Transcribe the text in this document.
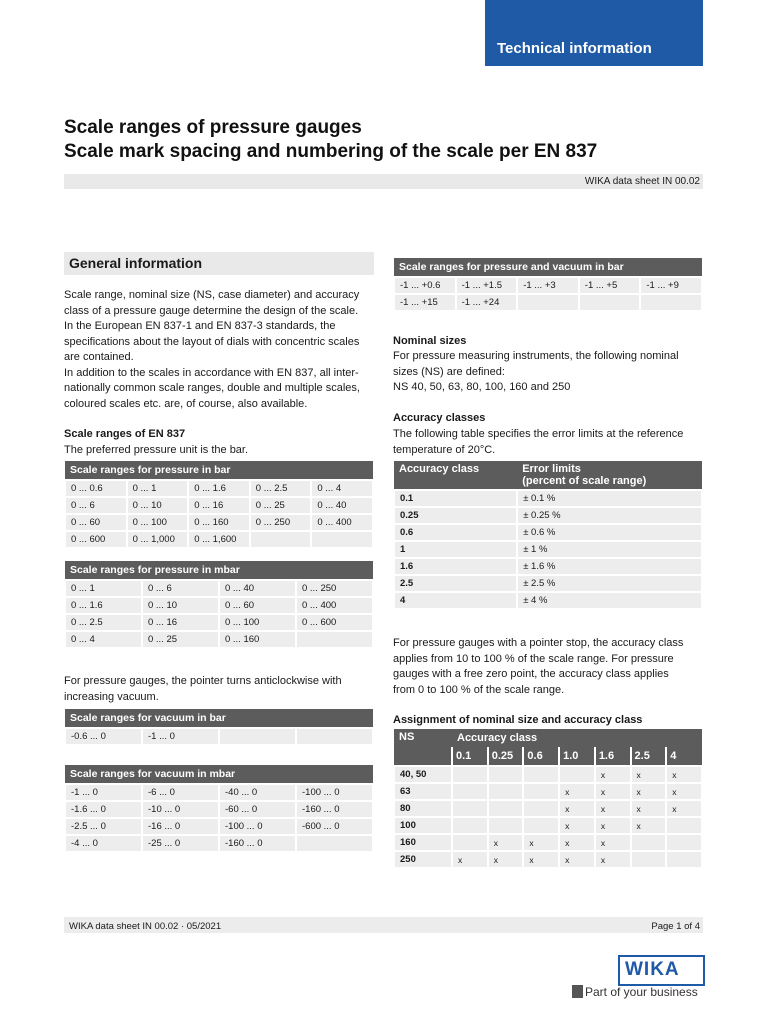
Technical information
Scale ranges of pressure gauges
Scale mark spacing and numbering of the scale per EN 837
WIKA data sheet IN 00.02
General information
Scale range, nominal size (NS, case diameter) and accuracy
class of a pressure gauge determine the design of the scale.
In the European EN 837-1 and EN 837-3 standards, the
specifications about the layout of dials with concentric scales
are contained.
In addition to the scales in accordance with EN 837, all inter-
nationally common scale ranges, double and multiple scales,
coloured scales etc. are, of course, also available.
Scale ranges of EN 837
The preferred pressure unit is the bar.
Scale ranges for pressure in bar				
0 ... 0.6	0 ... 1	0 ... 1.6	0 ... 2.5	0 ... 4
0 ... 6	0 ... 10	0 ... 16	0 ... 25	0 ... 40
0 ... 60	0 ... 100	0 ... 160	0 ... 250	0 ... 400
0 ... 600	0 ... 1,000	0 ... 1,600		
Scale ranges for pressure in mbar			
0 ... 1	0 ... 6	0 ... 40	0 ... 250
0 ... 1.6	0 ... 10	0 ... 60	0 ... 400
0 ... 2.5	0 ... 16	0 ... 100	0 ... 600
0 ... 4	0 ... 25	0 ... 160	
For pressure gauges, the pointer turns anticlockwise with
increasing vacuum.
Scale ranges for vacuum in bar
-0.6 ... 0	-1 ... 0		
Scale ranges for vacuum in mbar			
-1 ... 0	-6 ... 0	-40 ... 0	-100 ... 0
-1.6 ... 0	-10 ... 0	-60 ... 0	-160 ... 0
-2.5 ... 0	-16 ... 0	-100 ... 0	-600 ... 0
-4 ... 0	-25 ... 0	-160 ... 0	
Scale ranges for pressure and vacuum in bar				
-1 ... +0.6	-1 ... +1.5	-1 ... +3	-1 ... +5	-1 ... +9
-1 ... +15	-1 ... +24			
Nominal sizes
For pressure measuring instruments, the following nominal
sizes (NS) are defined:
NS 40, 50, 63, 80, 100, 160 and 250
Accuracy classes
The following table specifies the error limits at the reference
temperature of 20°C.
Accuracy class	Error limits
(percent of scale range)

0.1	± 0.1 %
0.25	± 0.25 %
0.6	± 0.6 %
1	± 1 %
1.6	± 1.6 %
2.5	± 2.5 %
4	± 4 %
For pressure gauges with a pointer stop, the accuracy class
applies from 10 to 100 % of the scale range. For pressure
gauges with a free zero point, the accuracy class applies
from 0 to 100 % of the scale range.
Assignment of nominal size and accuracy class
NS	Accuracy class						
	0.1	0.25	0.6	1.0	1.6	2.5	4
40, 50					x	x	x
63				x	x	x	x
80				x	x	x	x
100				x	x	x	
160		x	x	x	x		
250	x	x	x	x	x		
WIKA data sheet IN 00.02 · 05/2021	Page 1 of 4
WIKA
Part of your business
